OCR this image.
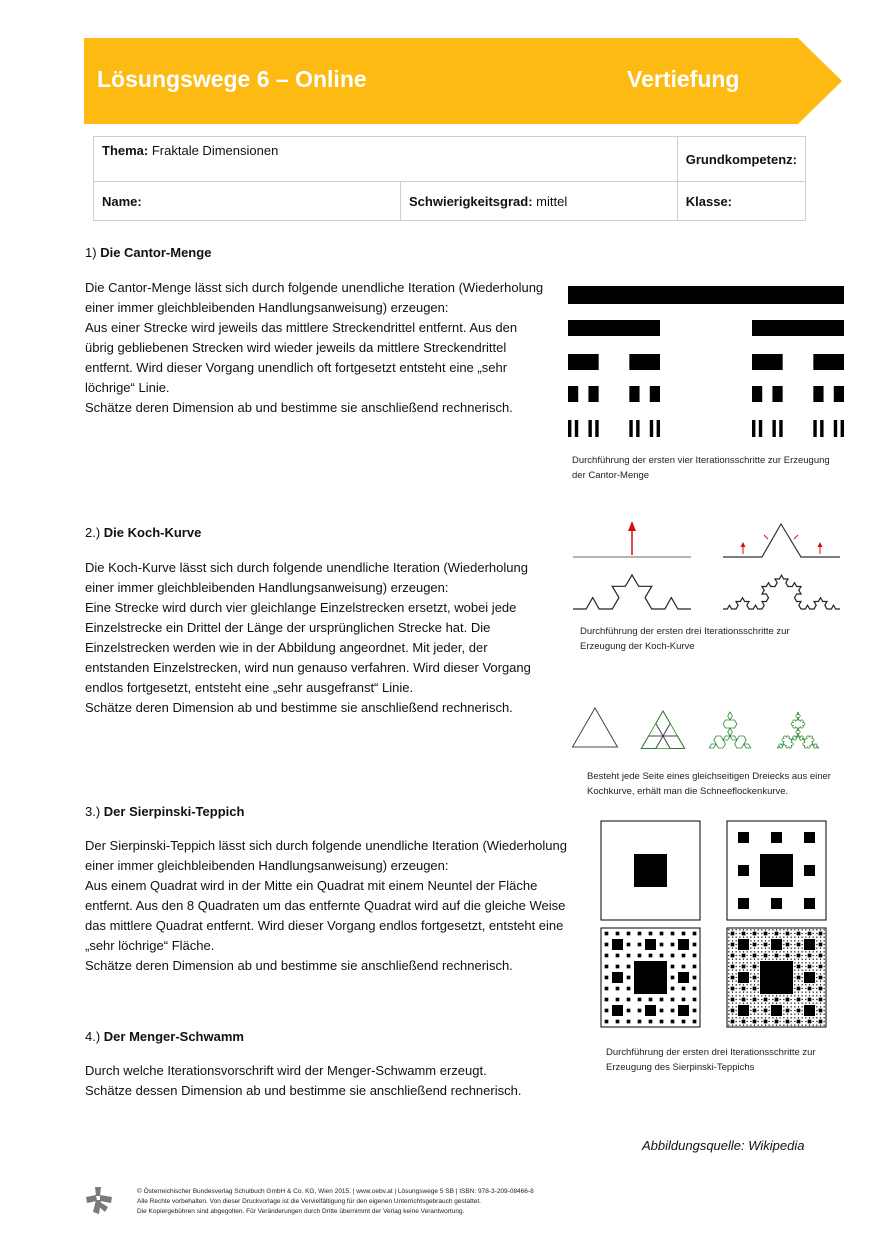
Lösungswege 6 – Online	Vertiefung
Thema: Fraktale Dimensionen		Grundkompetenz:
Name:	Schwierigkeitsgrad: mittel	Klasse:
1) Die Cantor-Menge
Die Cantor-Menge lässt sich durch folgende unendliche Iteration (Wiederholung
einer immer gleichbleibenden Handlungsanweisung) erzeugen:
Aus einer Strecke wird jeweils das mittlere Streckendrittel entfernt. Aus den
übrig gebliebenen Strecken wird wieder jeweils da mittlere Streckendrittel
entfernt. Wird dieser Vorgang unendlich oft fortgesetzt entsteht eine „sehr
löchrige“ Linie.
Schätze deren Dimension ab und bestimme sie anschließend rechnerisch.
Durchführung der ersten vier Iterationsschritte zur Erzeugung
der Cantor-Menge
2.) Die Koch-Kurve
Die Koch-Kurve lässt sich durch folgende unendliche Iteration (Wiederholung
einer immer gleichbleibenden Handlungsanweisung) erzeugen:
Eine Strecke wird durch vier gleichlange Einzelstrecken ersetzt, wobei jede
Einzelstrecke ein Drittel der Länge der ursprünglichen Strecke hat. Die
Einzelstrecken werden wie in der Abbildung angeordnet. Mit jeder, der
entstanden Einzelstrecken, wird nun genauso verfahren. Wird dieser Vorgang
endlos fortgesetzt, entsteht eine „sehr ausgefranst“ Linie.
Schätze deren Dimension ab und bestimme sie anschließend rechnerisch.
Durchführung der ersten drei Iterationsschritte zur
Erzeugung der Koch-Kurve
Besteht jede Seite eines gleichseitigen Dreiecks aus einer
Kochkurve, erhält man die Schneeflockenkurve.
3.) Der Sierpinski-Teppich
Der Sierpinski-Teppich lässt sich durch folgende unendliche Iteration (Wiederholung
einer immer gleichbleibenden Handlungsanweisung) erzeugen:
Aus einem Quadrat wird in der Mitte ein Quadrat mit einem Neuntel der Fläche
entfernt. Aus den 8 Quadraten um das entfernte Quadrat wird auf die gleiche Weise
das mittlere Quadrat entfernt. Wird dieser Vorgang endlos fortgesetzt, entsteht eine
„sehr löchrige“ Fläche.
Schätze deren Dimension ab und bestimme sie anschließend rechnerisch.
Durchführung der ersten drei Iterationsschritte zur
Erzeugung des Sierpinski-Teppichs
4.) Der Menger-Schwamm
Durch welche Iterationsvorschrift wird der Menger-Schwamm erzeugt.
Schätze dessen Dimension ab und bestimme sie anschließend rechnerisch.
Abbildungsquelle: Wikipedia
© Österreichischer Bundesverlag Schulbuch GmbH & Co. KG, Wien 2015. | www.oebv.at | Lösungswege 5 SB | ISBN: 978-3-209-08466-8
Alle Rechte vorbehalten. Von dieser Druckvorlage ist die Vervielfältigung für den eigenen Unterrichtsgebrauch gestattet.
Die Kopiergebühren sind abgegolten. Für Veränderungen durch Dritte übernimmt der Verlag keine Verantwortung.
